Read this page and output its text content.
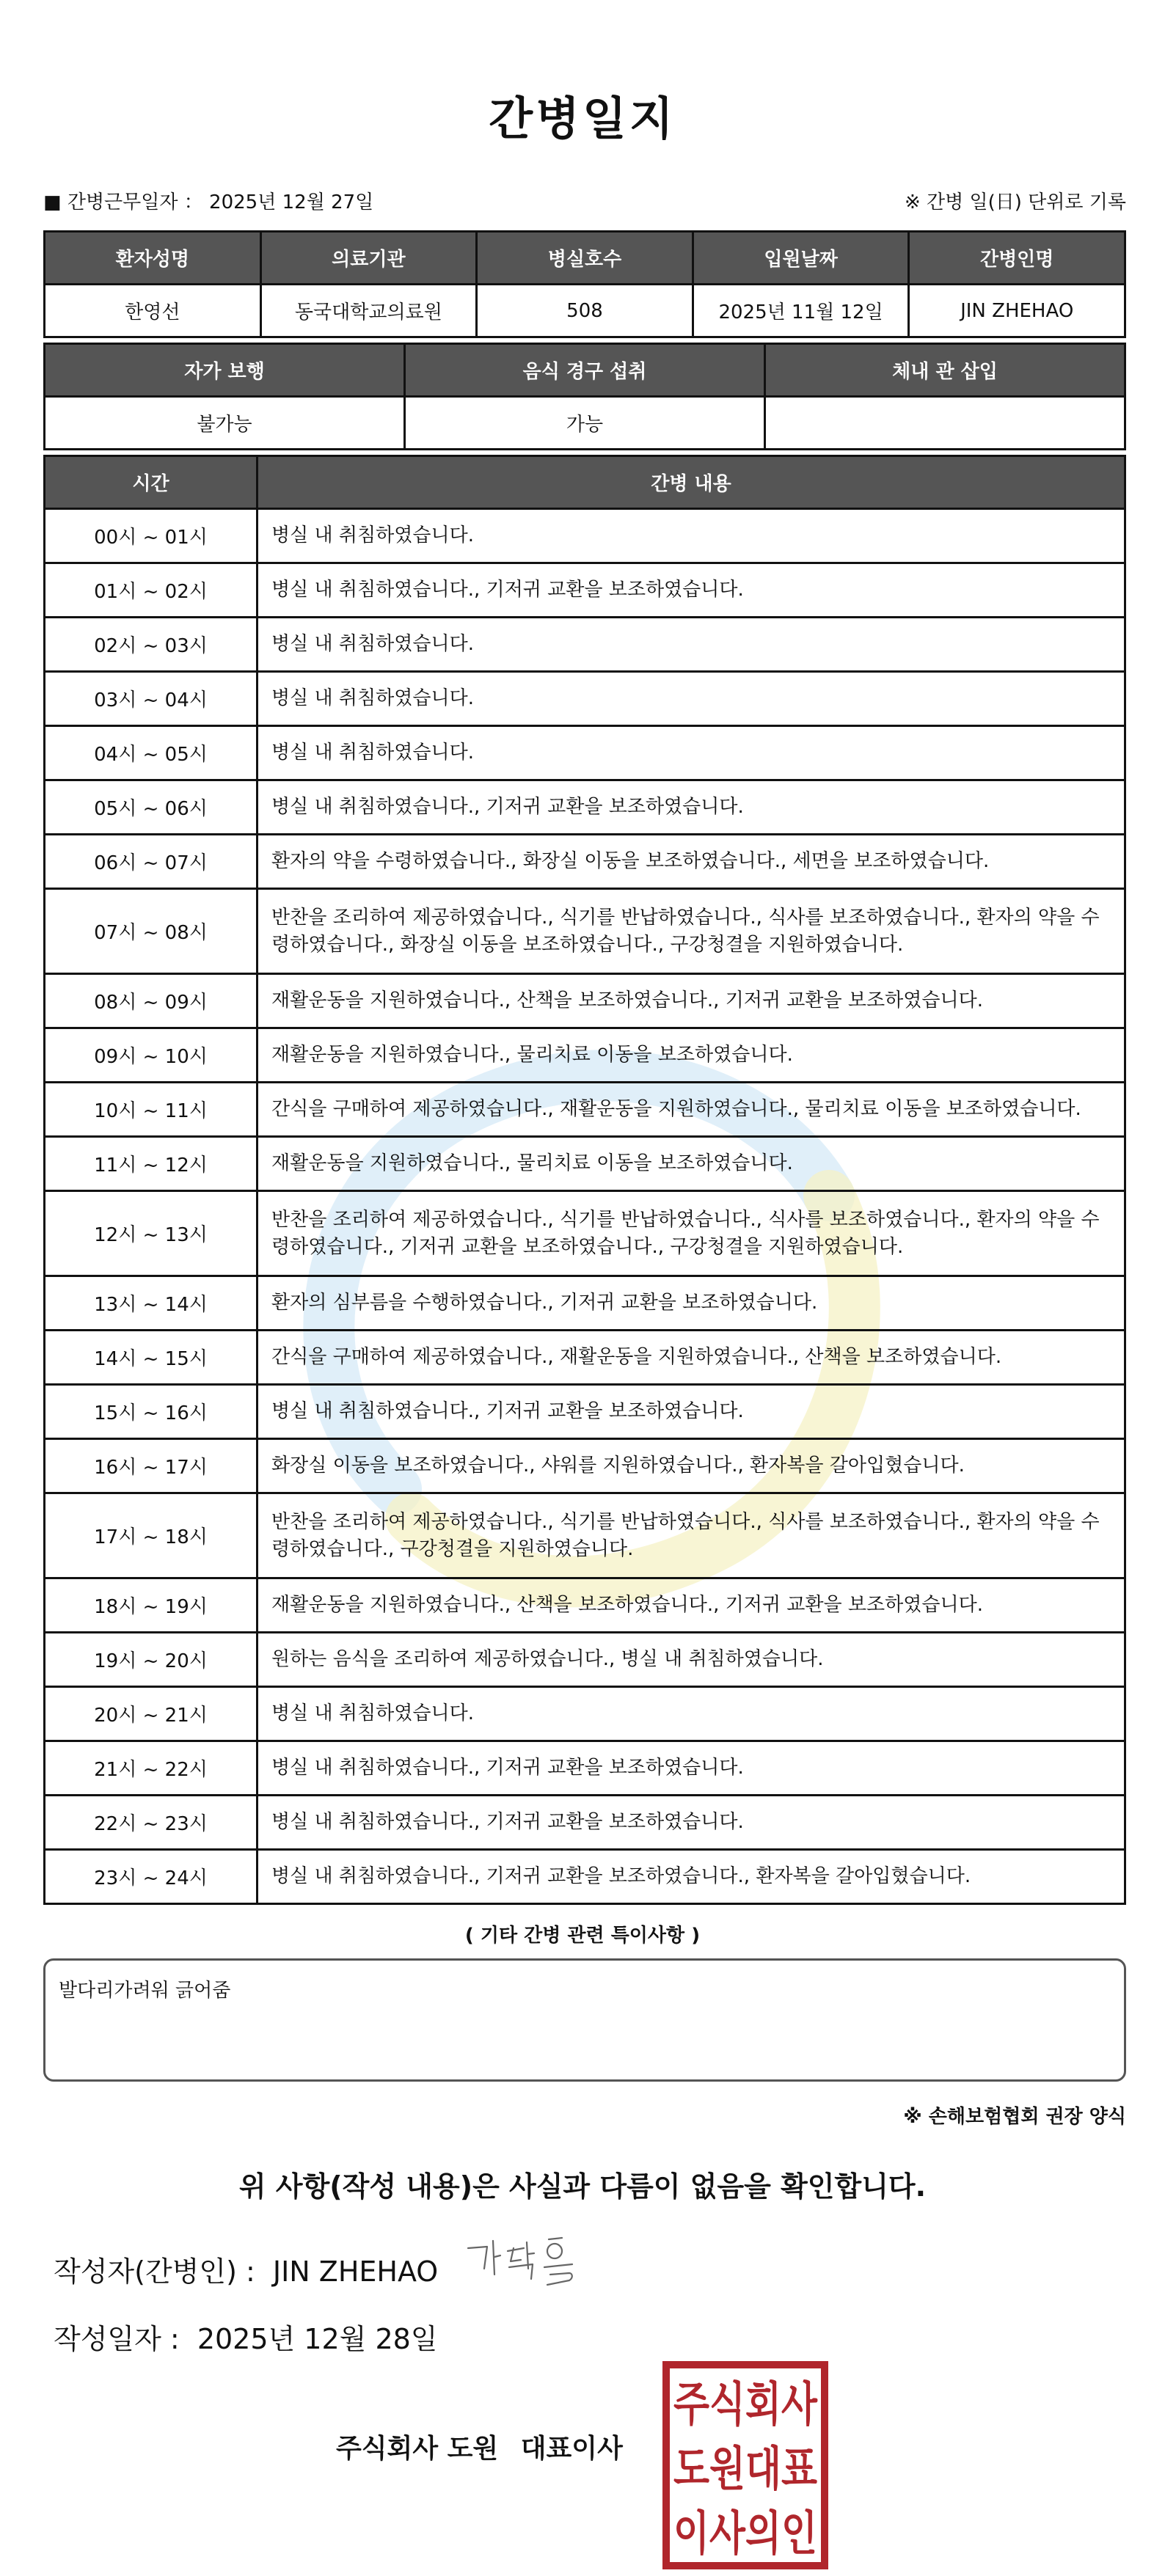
간병일지
■ 간병근무일자 ： 2025년 12월 27일	※ 간병 일(日) 단위로 기록
환자성명	의료기관	병실호수	입원날짜	간병인명
한영선	동국대학교의료원	508	2025년 11월 12일	JIN ZHEHAO
자가 보행	음식 경구 섭취	체내 관 삽입
불가능	가능	
시간	간병 내용
00시 ~ 01시	병실 내 취침하였습니다.
01시 ~ 02시	병실 내 취침하였습니다., 기저귀 교환을 보조하였습니다.
02시 ~ 03시	병실 내 취침하였습니다.
03시 ~ 04시	병실 내 취침하였습니다.
04시 ~ 05시	병실 내 취침하였습니다.
05시 ~ 06시	병실 내 취침하였습니다., 기저귀 교환을 보조하였습니다.
06시 ~ 07시	환자의 약을 수령하였습니다., 화장실 이동을 보조하였습니다., 세면을 보조하였습니다.
07시 ~ 08시	반찬을 조리하여 제공하였습니다., 식기를 반납하였습니다., 식사를 보조하였습니다., 환자의 약을 수령하였습니다., 화장실 이동을 보조하였습니다., 구강청결을 지원하였습니다.
08시 ~ 09시	재활운동을 지원하였습니다., 산책을 보조하였습니다., 기저귀 교환을 보조하였습니다.
09시 ~ 10시	재활운동을 지원하였습니다., 물리치료 이동을 보조하였습니다.
10시 ~ 11시	간식을 구매하여 제공하였습니다., 재활운동을 지원하였습니다., 물리치료 이동을 보조하였습니다.
11시 ~ 12시	재활운동을 지원하였습니다., 물리치료 이동을 보조하였습니다.
12시 ~ 13시	반찬을 조리하여 제공하였습니다., 식기를 반납하였습니다., 식사를 보조하였습니다., 환자의 약을 수령하였습니다., 기저귀 교환을 보조하였습니다., 구강청결을 지원하였습니다.
13시 ~ 14시	환자의 심부름을 수행하였습니다., 기저귀 교환을 보조하였습니다.
14시 ~ 15시	간식을 구매하여 제공하였습니다., 재활운동을 지원하였습니다., 산책을 보조하였습니다.
15시 ~ 16시	병실 내 취침하였습니다., 기저귀 교환을 보조하였습니다.
16시 ~ 17시	화장실 이동을 보조하였습니다., 샤워를 지원하였습니다., 환자복을 갈아입혔습니다.
17시 ~ 18시	반찬을 조리하여 제공하였습니다., 식기를 반납하였습니다., 식사를 보조하였습니다., 환자의 약을 수령하였습니다., 구강청결을 지원하였습니다.
18시 ~ 19시	재활운동을 지원하였습니다., 산책을 보조하였습니다., 기저귀 교환을 보조하였습니다.
19시 ~ 20시	원하는 음식을 조리하여 제공하였습니다., 병실 내 취침하였습니다.
20시 ~ 21시	병실 내 취침하였습니다.
21시 ~ 22시	병실 내 취침하였습니다., 기저귀 교환을 보조하였습니다.
22시 ~ 23시	병실 내 취침하였습니다., 기저귀 교환을 보조하였습니다.
23시 ~ 24시	병실 내 취침하였습니다., 기저귀 교환을 보조하였습니다., 환자복을 갈아입혔습니다.
( 기타 간병 관련 특이사항 )
발다리가려워 긁어줌
※ 손해보험협회 권장 양식
위 사항(작성 내용)은 사실과 다름이 없음을 확인합니다.
작성자(간병인) : JIN ZHEHAO
작성일자 : 2025년 12월 28일
주식회사 도원 대표이사
주식회사
도원대표
이사의인
